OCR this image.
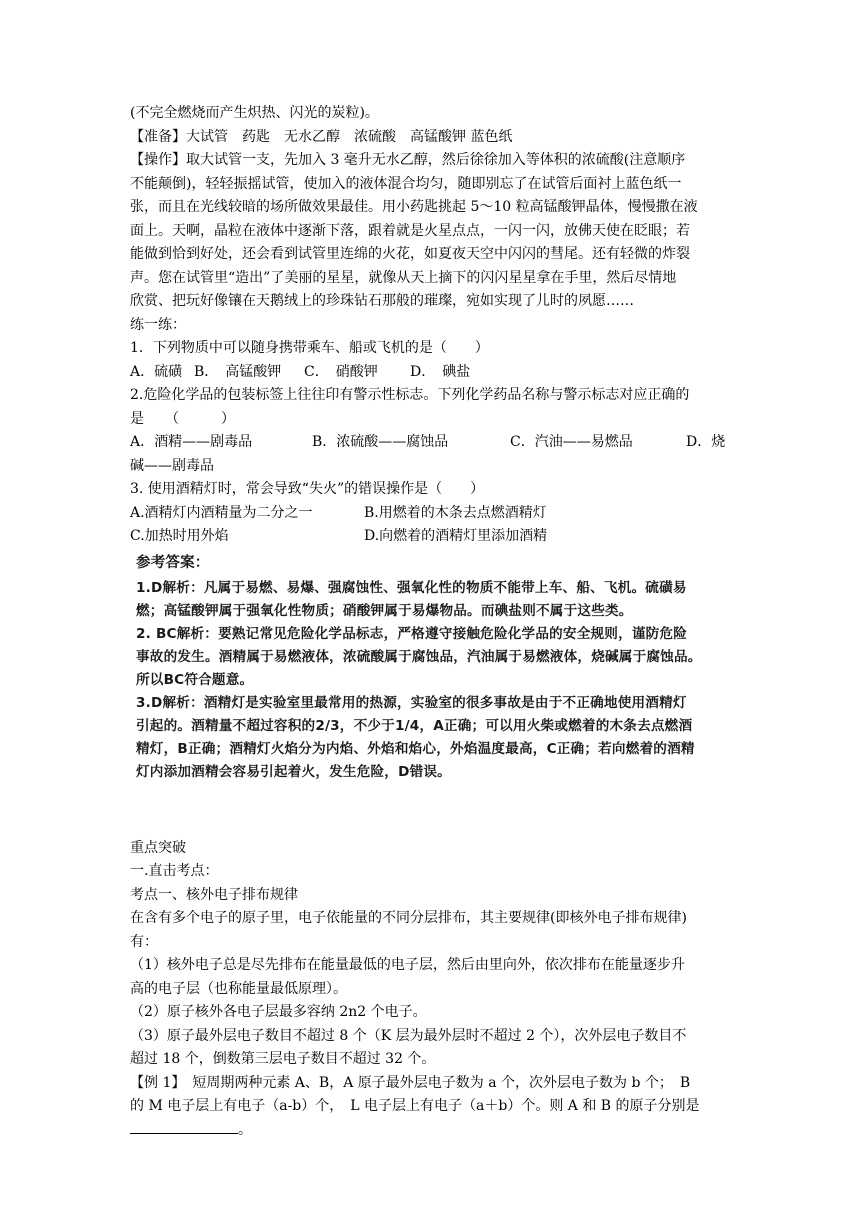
(不完全燃烧而产生炽热、闪光的炭粒)。
【准备】大试管　药匙　无水乙醇　浓硫酸　高锰酸钾 蓝色纸
【操作】取大试管一支，先加入 3 毫升无水乙醇，然后徐徐加入等体积的浓硫酸(注意顺序
不能颠倒)，轻轻振摇试管，使加入的液体混合均匀，随即别忘了在试管后面衬上蓝色纸一
张，而且在光线较暗的场所做效果最佳。用小药匙挑起 5～10 粒高锰酸钾晶体，慢慢撒在液
面上。天啊，晶粒在液体中逐渐下落，跟着就是火星点点，一闪一闪，放佛天使在眨眼；若
能做到恰到好处，还会看到试管里连绵的火花，如夏夜天空中闪闪的彗尾。还有轻微的炸裂
声。您在试管里“造出”了美丽的星星，就像从天上摘下的闪闪星星拿在手里，然后尽情地
欣赏、把玩好像镶在天鹅绒上的珍珠钻石那般的璀璨，宛如实现了儿时的夙愿……
练一练：
1．下列物质中可以随身携带乘车、船或飞机的是（　　）
A．硫磺 B．　高锰酸钾	C．　硝酸钾	D．　碘盐
2.危险化学品的包装标签上往往印有警示性标志。下列化学药品名称与警示标志对应正确的
是　　（　　　）
A．酒精——剧毒品	B．浓硫酸——腐蚀品	C．汽油——易燃品	D．烧
碱——剧毒品
3. 使用酒精灯时，常会导致“失火”的错误操作是（　　）
A.酒精灯内酒精量为二分之一	B.用燃着的木条去点燃酒精灯
C.加热时用外焰	D.向燃着的酒精灯里添加酒精
参考答案：
1.D解析：凡属于易燃、易爆、强腐蚀性、强氧化性的物质不能带上车、船、飞机。硫磺易
燃；高锰酸钾属于强氧化性物质；硝酸钾属于易爆物品。而碘盐则不属于这些类。
2. BC解析：要熟记常见危险化学品标志，严格遵守接触危险化学品的安全规则，谨防危险
事故的发生。酒精属于易燃液体，浓硫酸属于腐蚀品，汽油属于易燃液体，烧碱属于腐蚀品。
所以BC符合题意。
3.D解析：酒精灯是实验室里最常用的热源，实验室的很多事故是由于不正确地使用酒精灯
引起的。酒精量不超过容积的2/3，不少于1/4，A正确；可以用火柴或燃着的木条去点燃酒
精灯，B正确；酒精灯火焰分为内焰、外焰和焰心，外焰温度最高，C正确；若向燃着的酒精
灯内添加酒精会容易引起着火，发生危险，D错误。
重点突破
一.直击考点：
考点一、核外电子排布规律
在含有多个电子的原子里，电子依能量的不同分层排布，其主要规律(即核外电子排布规律)
有：
（1）核外电子总是尽先排布在能量最低的电子层，然后由里向外，依次排布在能量逐步升
高的电子层（也称能量最低原理）。
（2）原子核外各电子层最多容纳 2n2 个电子。
（3）原子最外层电子数目不超过 8 个（K 层为最外层时不超过 2 个），次外层电子数目不
超过 18 个，倒数第三层电子数目不超过 32 个。
【例 1】　短周期两种元素 A、B，A 原子最外层电子数为 a 个，次外层电子数为 b 个；　B
的 M 电子层上有电子（a-b）个，　L 电子层上有电子（a＋b）个。则 A 和 B 的原子分别是
。
